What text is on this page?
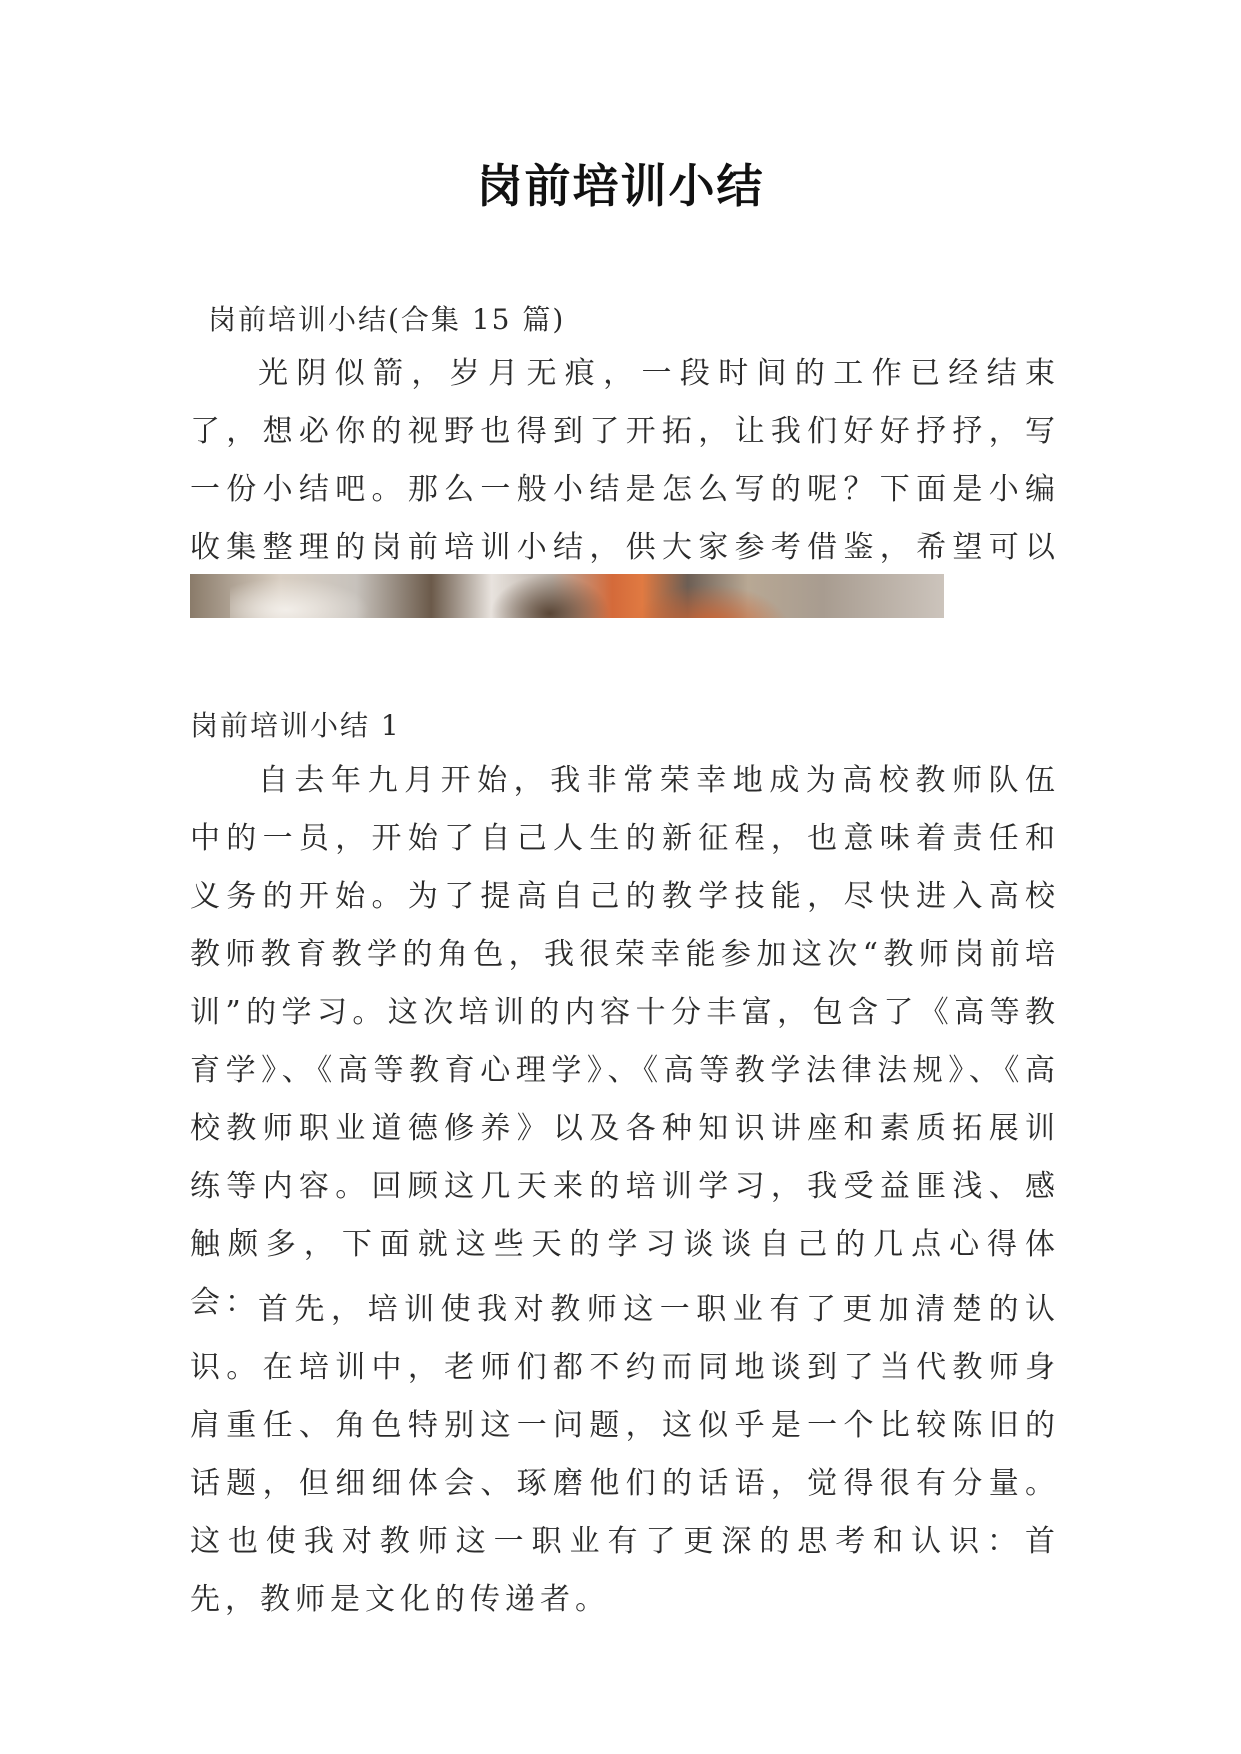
岗前培训小结
岗前培训小结(合集 15 篇)

光阴似箭，岁月无痕，一段时间的工作已经结束了，想必你的视野也得到了开拓，让我们好好抒抒，写一份小结吧。那么一般小结是怎么写的呢？下面是小编收集整理的岗前培训小结，供大家参考借鉴，希望可以

岗前培训小结 1

自去年九月开始，我非常荣幸地成为高校教师队伍中的一员，开始了自己人生的新征程，也意味着责任和义务的开始。为了提高自己的教学技能，尽快进入高校教师教育教学的角色，我很荣幸能参加这次“教师岗前培训”的学习。这次培训的内容十分丰富，包含了《高等教育学》、《高等教育心理学》、《高等教学法律法规》、《高校教师职业道德修养》以及各种知识讲座和素质拓展训练等内容。回顾这几天来的培训学习，我受益匪浅、感触颇多，下面就这些天的学习谈谈自己的几点心得体会：

首先，培训使我对教师这一职业有了更加清楚的认识。在培训中，老师们都不约而同地谈到了当代教师身肩重任、角色特别这一问题，这似乎是一个比较陈旧的话题，但细细体会、琢磨他们的话语，觉得很有分量。这也使我对教师这一职业有了更深的思考和认识：首先，教师是文化的传递者。
